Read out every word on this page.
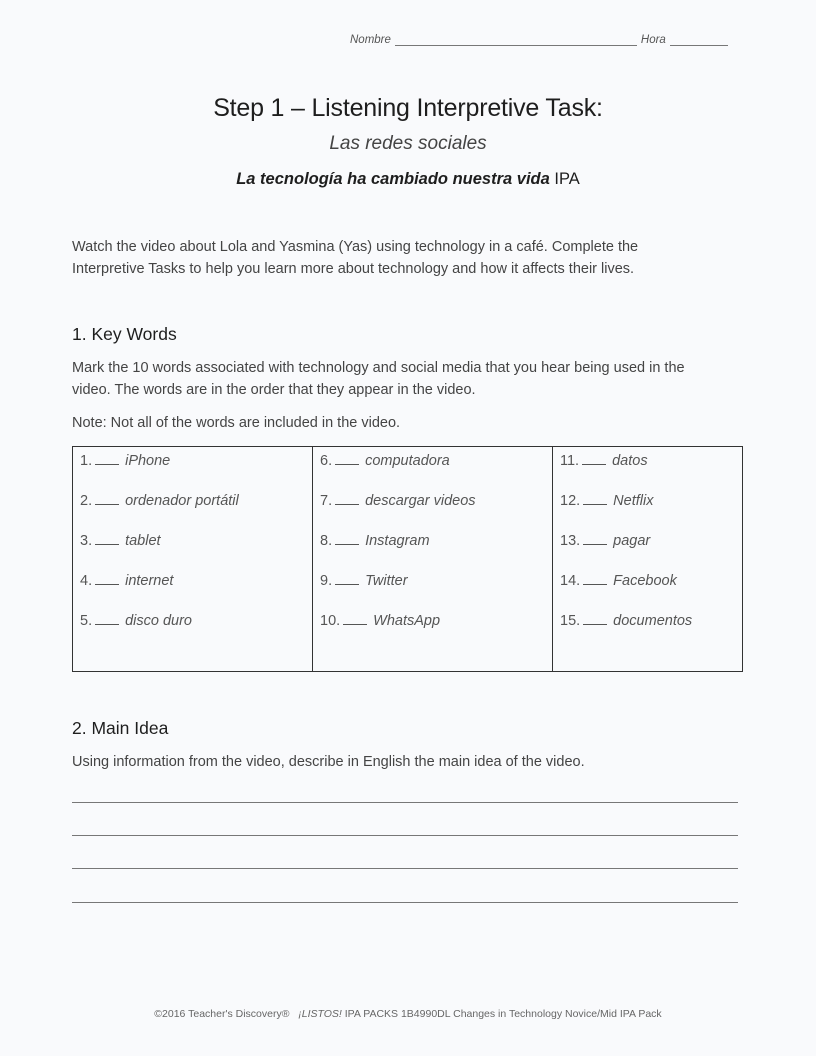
Nombre	Hora
Step 1 – Listening Interpretive Task:
Las redes sociales
La tecnología ha cambiado nuestra vida IPA
Watch the video about Lola and Yasmina (Yas) using technology in a café. Complete the
Interpretive Tasks to help you learn more about technology and how it affects their lives.
1. Key Words
Mark the 10 words associated with technology and social media that you hear being used in the
video. The words are in the order that they appear in the video.
Note: Not all of the words are included in the video.
1. iPhone
2. ordenador portátil
3. tablet
4. internet
5. disco duro
6. computadora
7. descargar videos
8. Instagram
9. Twitter
10. WhatsApp
11. datos
12. Netflix
13. pagar
14. Facebook
15. documentos
2. Main Idea
Using information from the video, describe in English the main idea of the video.
©2016 Teacher's Discovery® ¡LISTOS! IPA PACKS 1B4990DL Changes in Technology Novice/Mid IPA Pack
